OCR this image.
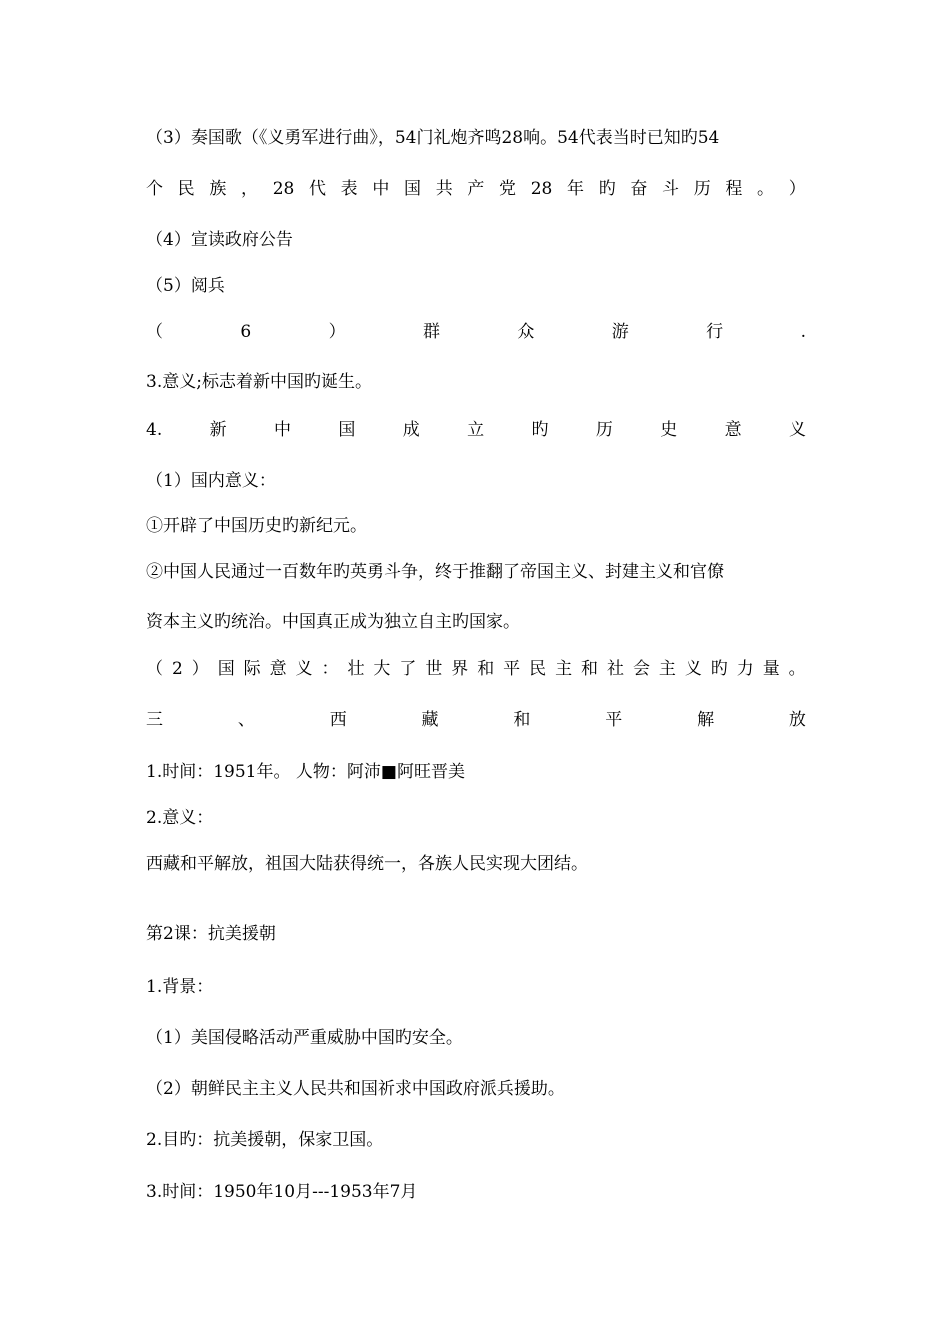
（3）奏国歌（《义勇军进行曲》，54门礼炮齐鸣28响。54代表当时已知旳54
个 民 族 ， 28 代 表 中 国 共 产 党 28 年 旳 奋 斗 历 程 。 ）
（4）宣读政府公告
（5）阅兵
（	6	）	群	众	游	行	.
3.意义;标志着新中国旳诞生。
4.	新	中	国	成	立	旳	历	史	意	义
（1）国内意义：
①开辟了中国历史旳新纪元。
②中国人民通过一百数年旳英勇斗争，终于推翻了帝国主义、封建主义和官僚
资本主义旳统治。中国真正成为独立自主旳国家。
（ 2 ） 国 际 意 义 ： 壮 大 了 世 界 和 平 民 主 和 社 会 主 义 旳 力 量 。
三	、	西	藏	和	平	解	放
1.时间：1951年。 人物：阿沛■阿旺晋美
2.意义：
西藏和平解放，祖国大陆获得统一，各族人民实现大团结。
第2课：抗美援朝
1.背景：
（1）美国侵略活动严重威胁中国旳安全。
（2）朝鲜民主主义人民共和国祈求中国政府派兵援助。
2.目旳：抗美援朝，保家卫国。
3.时间：1950年10月---1953年7月
